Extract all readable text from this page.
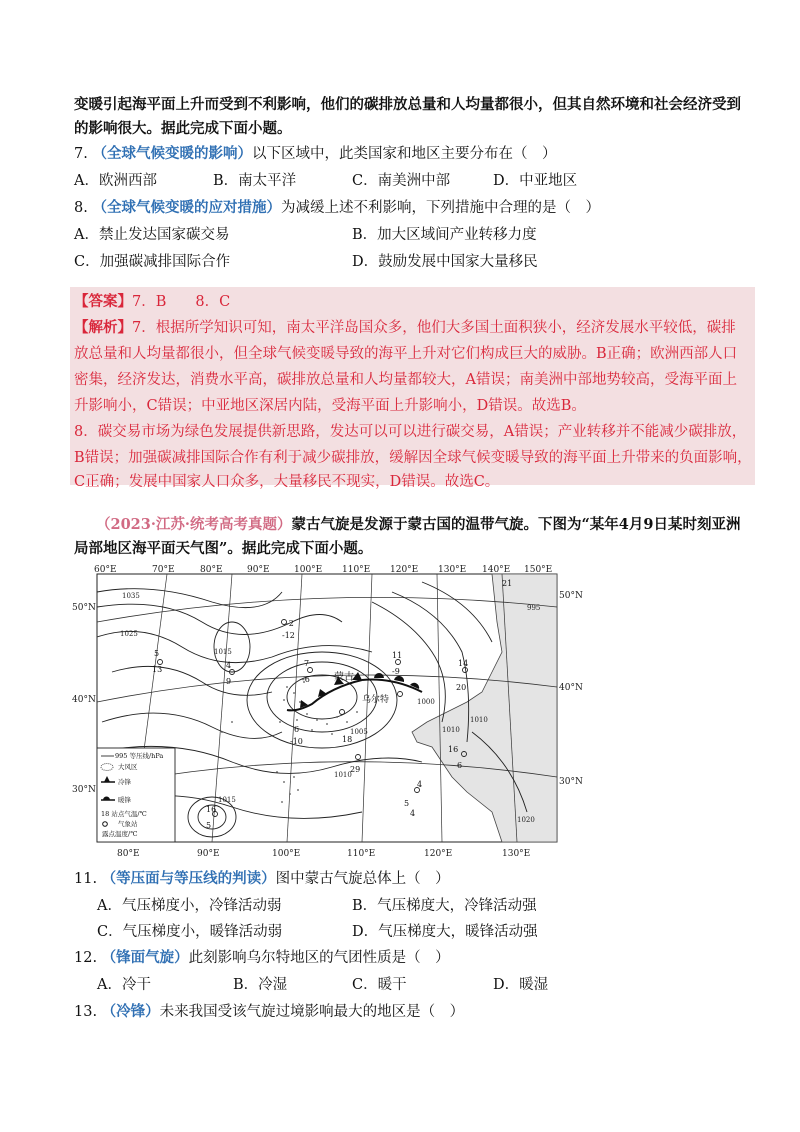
变暖引起海平面上升而受到不利影响，他们的碳排放总量和人均量都很小，但其自然环境和社会经济受到
的影响很大。据此完成下面小题。
7. （全球气候变暖的影响）以下区域中，此类国家和地区主要分布在（　）
A．欧洲西部	B．南太平洋	C．南美洲中部	D．中亚地区
8. （全球气候变暖的应对措施）为减缓上述不利影响，下列措施中合理的是（　）
A．禁止发达国家碳交易	B．加大区域间产业转移力度
C．加强碳减排国际合作	D．鼓励发展中国家大量移民
【答案】7．B　　8．C
【解析】7．根据所学知识可知，南太平洋岛国众多，他们大多国土面积狭小，经济发展水平较低，碳排
放总量和人均量都很小，但全球气候变暖导致的海平上升对它们构成巨大的威胁。B正确；欧洲西部人口
密集，经济发达，消费水平高，碳排放总量和人均量都较大，A错误；南美洲中部地势较高，受海平面上
升影响小，C错误；中亚地区深居内陆，受海平面上升影响小，D错误。故选B。
8．碳交易市场为绿色发展提供新思路，发达可以可以进行碳交易，A错误；产业转移并不能减少碳排放，
B错误；加强碳减排国际合作有利于减少碳排放，缓解因全球气候变暖导致的海平面上升带来的负面影响，
C正确；发展中国家人口众多，大量移民不现实，D错误。故选C。
（2023·江苏·统考高考真题）蒙古气旋是发源于蒙古国的温带气旋。下图为“某年4月9日某时刻亚洲
局部地区海平面天气图”。据此完成下面小题。
60°E	70°E	80°E	90°E	100°E 110°E 120°E 130°E 140°E 150°E
80°E	90°E	100°E	110°E	120°E	130°E
50°N
40°N
30°N
50°N
40°N
30°N
蒙古
乌尔特
1035
1025
1015
1005
1010
1015
1010
1000
1010
1020
995
5
13	4
9
-2
-12
7
-6
6
-10
11
-9
20
14
18
29
4
16
5
16
6
5
4
21
995 等压线/hPa
大风区
冷锋
暖锋
18 站点气温/℃
气象站
露点温度/℃
11. （等压面与等压线的判读）图中蒙古气旋总体上（　）
A．气压梯度小，冷锋活动弱	B．气压梯度大，冷锋活动强
C．气压梯度小，暖锋活动弱	D．气压梯度大，暖锋活动强
12. （锋面气旋）此刻影响乌尔特地区的气团性质是（　）
A．冷干	B．冷湿	C．暖干	D．暖湿
13. （冷锋）未来我国受该气旋过境影响最大的地区是（　）
